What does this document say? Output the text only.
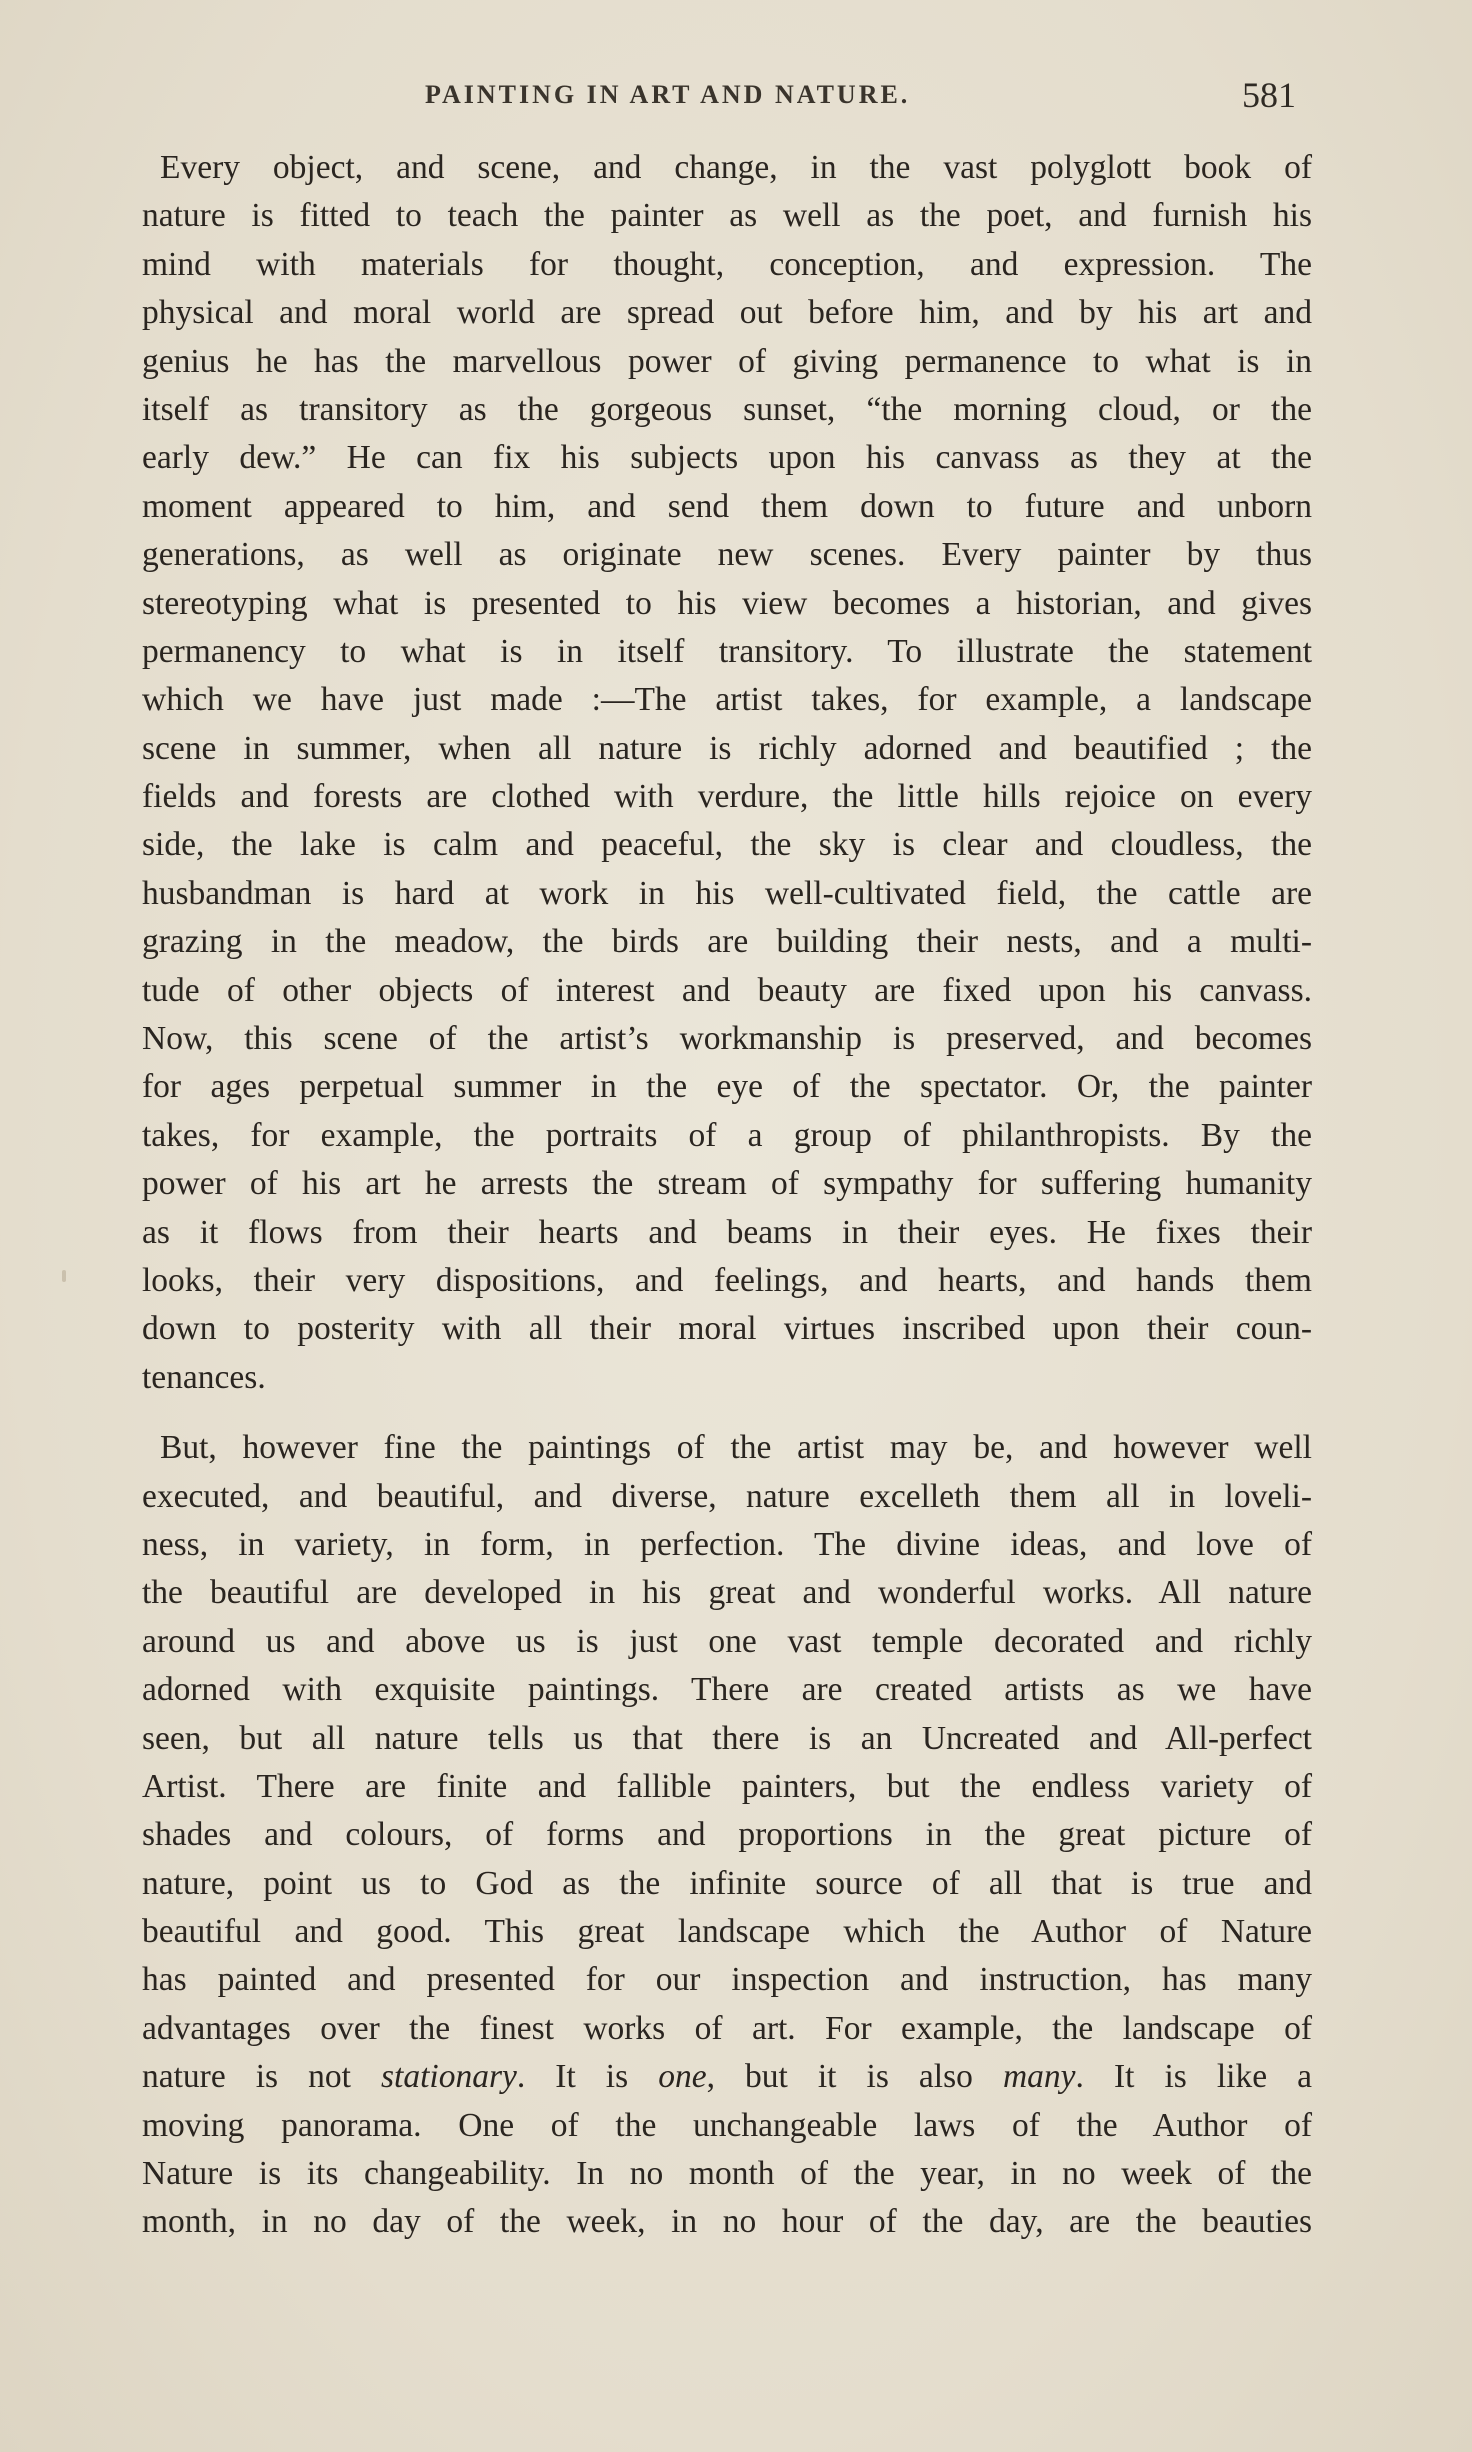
PAINTING IN ART AND NATURE.	581
Every object, and scene, and change, in the vast polyglott book of
nature is fitted to teach the painter as well as the poet, and furnish his
mind with materials for thought, conception, and expression. The
physical and moral world are spread out before him, and by his art and
genius he has the marvellous power of giving permanence to what is in
itself as transitory as the gorgeous sunset, “the morning cloud, or the
early dew.” He can fix his subjects upon his canvass as they at the
moment appeared to him, and send them down to future and unborn
generations, as well as originate new scenes. Every painter by thus
stereotyping what is presented to his view becomes a historian, and gives
permanency to what is in itself transitory. To illustrate the statement
which we have just made :—The artist takes, for example, a landscape
scene in summer, when all nature is richly adorned and beautified ; the
fields and forests are clothed with verdure, the little hills rejoice on every
side, the lake is calm and peaceful, the sky is clear and cloudless, the
husbandman is hard at work in his well-cultivated field, the cattle are
grazing in the meadow, the birds are building their nests, and a multi-
tude of other objects of interest and beauty are fixed upon his canvass.
Now, this scene of the artist’s workmanship is preserved, and becomes
for ages perpetual summer in the eye of the spectator. Or, the painter
takes, for example, the portraits of a group of philanthropists. By the
power of his art he arrests the stream of sympathy for suffering humanity
as it flows from their hearts and beams in their eyes. He fixes their
looks, their very dispositions, and feelings, and hearts, and hands them
down to posterity with all their moral virtues inscribed upon their coun-
tenances.
But, however fine the paintings of the artist may be, and however well
executed, and beautiful, and diverse, nature excelleth them all in loveli-
ness, in variety, in form, in perfection. The divine ideas, and love of
the beautiful are developed in his great and wonderful works. All nature
around us and above us is just one vast temple decorated and richly
adorned with exquisite paintings. There are created artists as we have
seen, but all nature tells us that there is an Uncreated and All-perfect
Artist. There are finite and fallible painters, but the endless variety of
shades and colours, of forms and proportions in the great picture of
nature, point us to God as the infinite source of all that is true and
beautiful and good. This great landscape which the Author of Nature
has painted and presented for our inspection and instruction, has many
advantages over the finest works of art. For example, the landscape of
nature is not stationary. It is one, but it is also many. It is like a
moving panorama. One of the unchangeable laws of the Author of
Nature is its changeability. In no month of the year, in no week of the
month, in no day of the week, in no hour of the day, are the beauties
